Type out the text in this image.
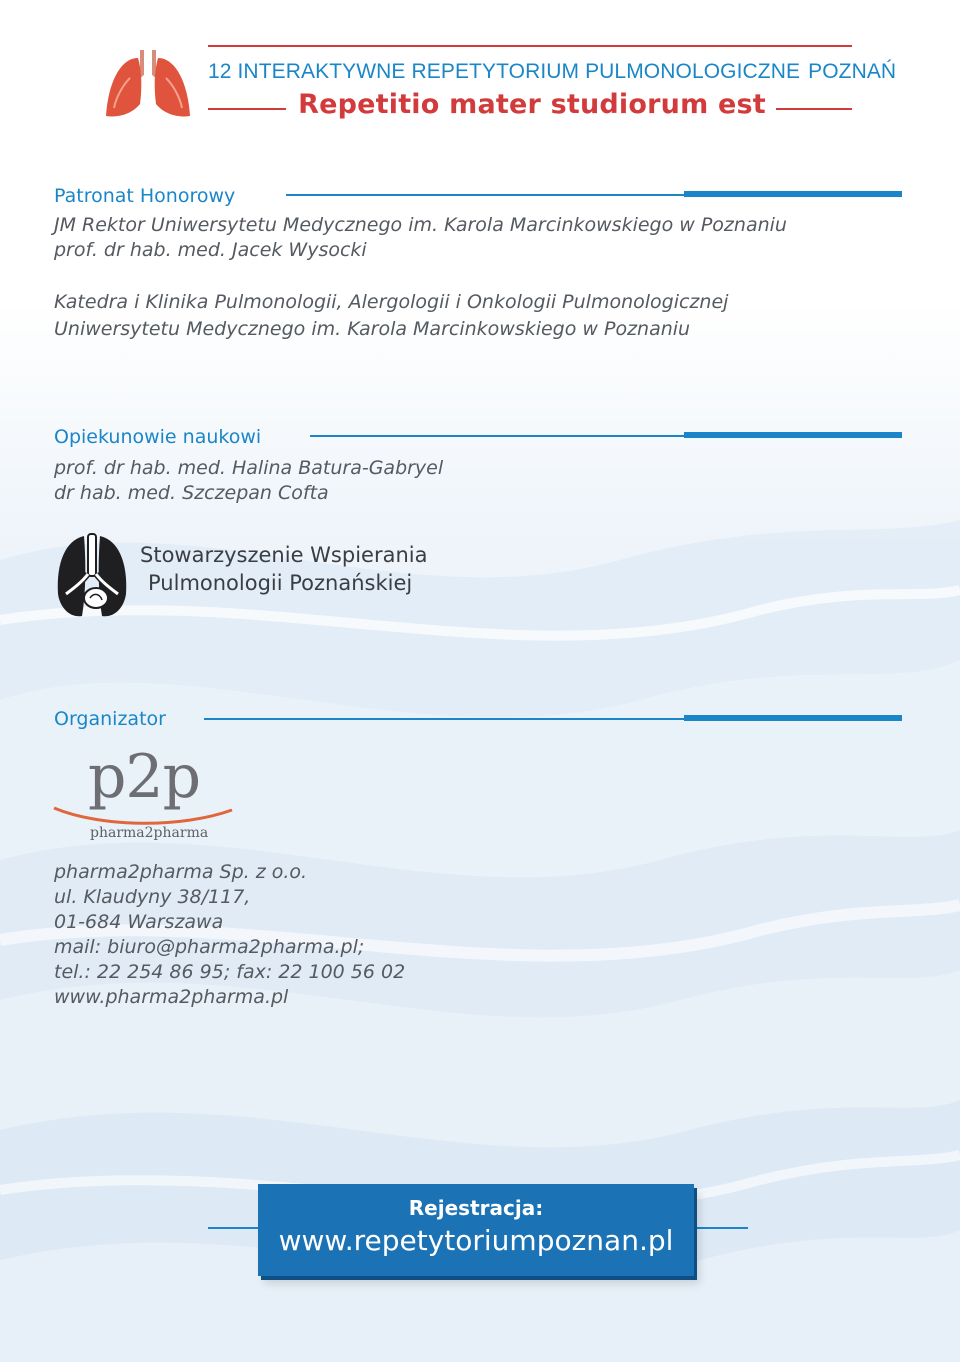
12 INTERAKTYWNE REPETYTORIUM PULMONOLOGICZNE POZNAŃ
Repetitio mater studiorum est
Patronat Honorowy
JM Rektor Uniwersytetu Medycznego im. Karola Marcinkowskiego w Poznaniu
prof. dr hab. med. Jacek Wysocki
Katedra i Klinika Pulmonologii, Alergologii i Onkologii Pulmonologicznej
Uniwersytetu Medycznego im. Karola Marcinkowskiego w Poznaniu
Opiekunowie naukowi
prof. dr hab. med. Halina Batura-Gabryel
dr hab. med. Szczepan Cofta
Stowarzyszenie Wspierania
Pulmonologii Poznańskiej
Organizator
p2p
pharma2pharma
pharma2pharma Sp. z o.o.
ul. Klaudyny 38/117,
01-684 Warszawa
mail: biuro@pharma2pharma.pl;
tel.: 22 254 86 95; fax: 22 100 56 02
www.pharma2pharma.pl
Rejestracja:
www.repetytoriumpoznan.pl
